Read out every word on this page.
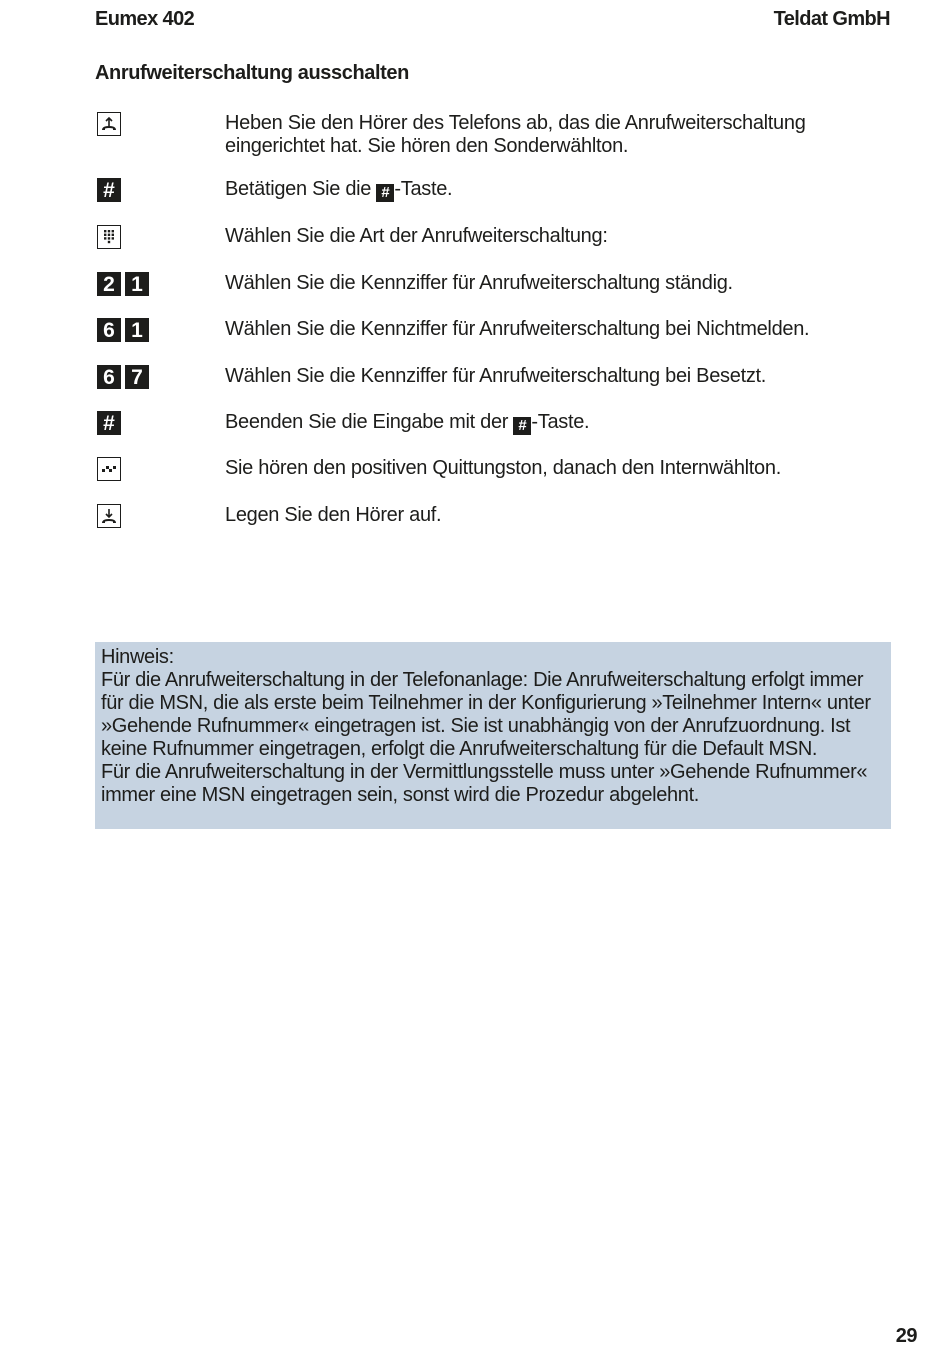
Eumex 402	Teldat GmbH
Anrufweiterschaltung ausschalten
Heben Sie den Hörer des Telefons ab, das die Anrufweiterschaltung eingerichtet hat. Sie hören den Sonderwählton.
#	Betätigen Sie die # -Taste.
Wählen Sie die Art der Anrufweiterschaltung:
2 1	Wählen Sie die Kennziffer für Anrufweiterschaltung ständig.
6 1	Wählen Sie die Kennziffer für Anrufweiterschaltung bei Nichtmelden.
6 7	Wählen Sie die Kennziffer für Anrufweiterschaltung bei Besetzt.
#	Beenden Sie die Eingabe mit der # -Taste.
Sie hören den positiven Quittungston, danach den Internwählton.
Legen Sie den Hörer auf.

Hinweis:

Für die Anrufweiterschaltung in der Telefonanlage: Die Anrufweiterschaltung erfolgt immer für die MSN, die als erste beim Teilnehmer in der Konfigurierung »Teilnehmer Intern« unter »Gehende Rufnummer« eingetragen ist. Sie ist unabhängig von der Anrufzuordnung. Ist keine Rufnummer eingetragen, erfolgt die Anrufweiterschaltung für die Default MSN.

Für die Anrufweiterschaltung in der Vermittlungsstelle muss unter »Gehende Rufnummer« immer eine MSN eingetragen sein, sonst wird die Prozedur abgelehnt.

29
